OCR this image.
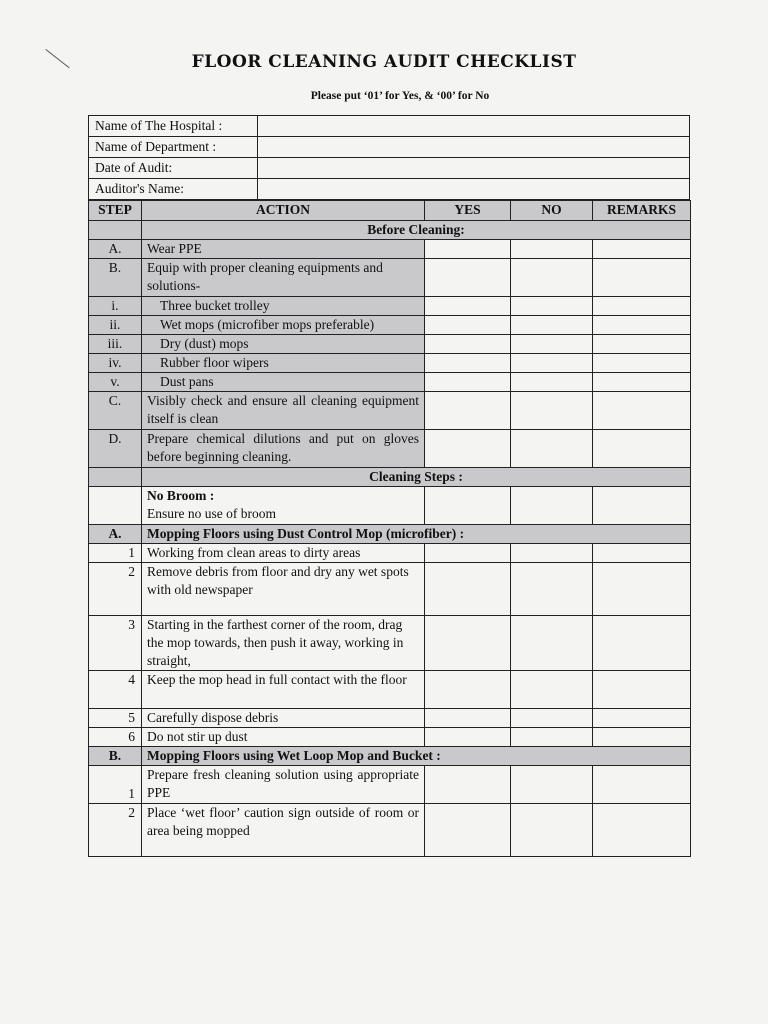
FLOOR CLEANING AUDIT CHECKLIST

Please put ‘01’ for Yes, & ‘00’ for No

Name of The Hospital :	
Name of Department :	
Date of Audit:	
Auditor's Name:	
STEP	ACTION	YES	NO	REMARKS
	Before Cleaning:			
A.	Wear PPE			
B.	Equip with proper cleaning equipments and solutions-			
i.	Three bucket trolley			
ii.	Wet mops (microfiber mops preferable)			
iii.	Dry (dust) mops			
iv.	Rubber floor wipers			
v.	Dust pans			
C.	Visibly check and ensure all cleaning equipment itself is clean			
D.	Prepare chemical dilutions and put on gloves before beginning cleaning.			
	Cleaning Steps :			

	No Broom :
Ensure no use of broom			

A.	Mopping Floors using Dust Control Mop (microfiber) :			
1	Working from clean areas to dirty areas			
2	Remove debris from floor and dry any wet spots with old newspaper			
3	Starting in the farthest corner of the room, drag the mop towards, then push it away, working in straight,			
4	Keep the mop head in full contact with the floor			
5	Carefully dispose debris			
6	Do not stir up dust			
B.	Mopping Floors using Wet Loop Mop and Bucket :			
1	Prepare fresh cleaning solution using appropriate PPE			
2	Place ‘wet floor’ caution sign outside of room or area being mopped			
